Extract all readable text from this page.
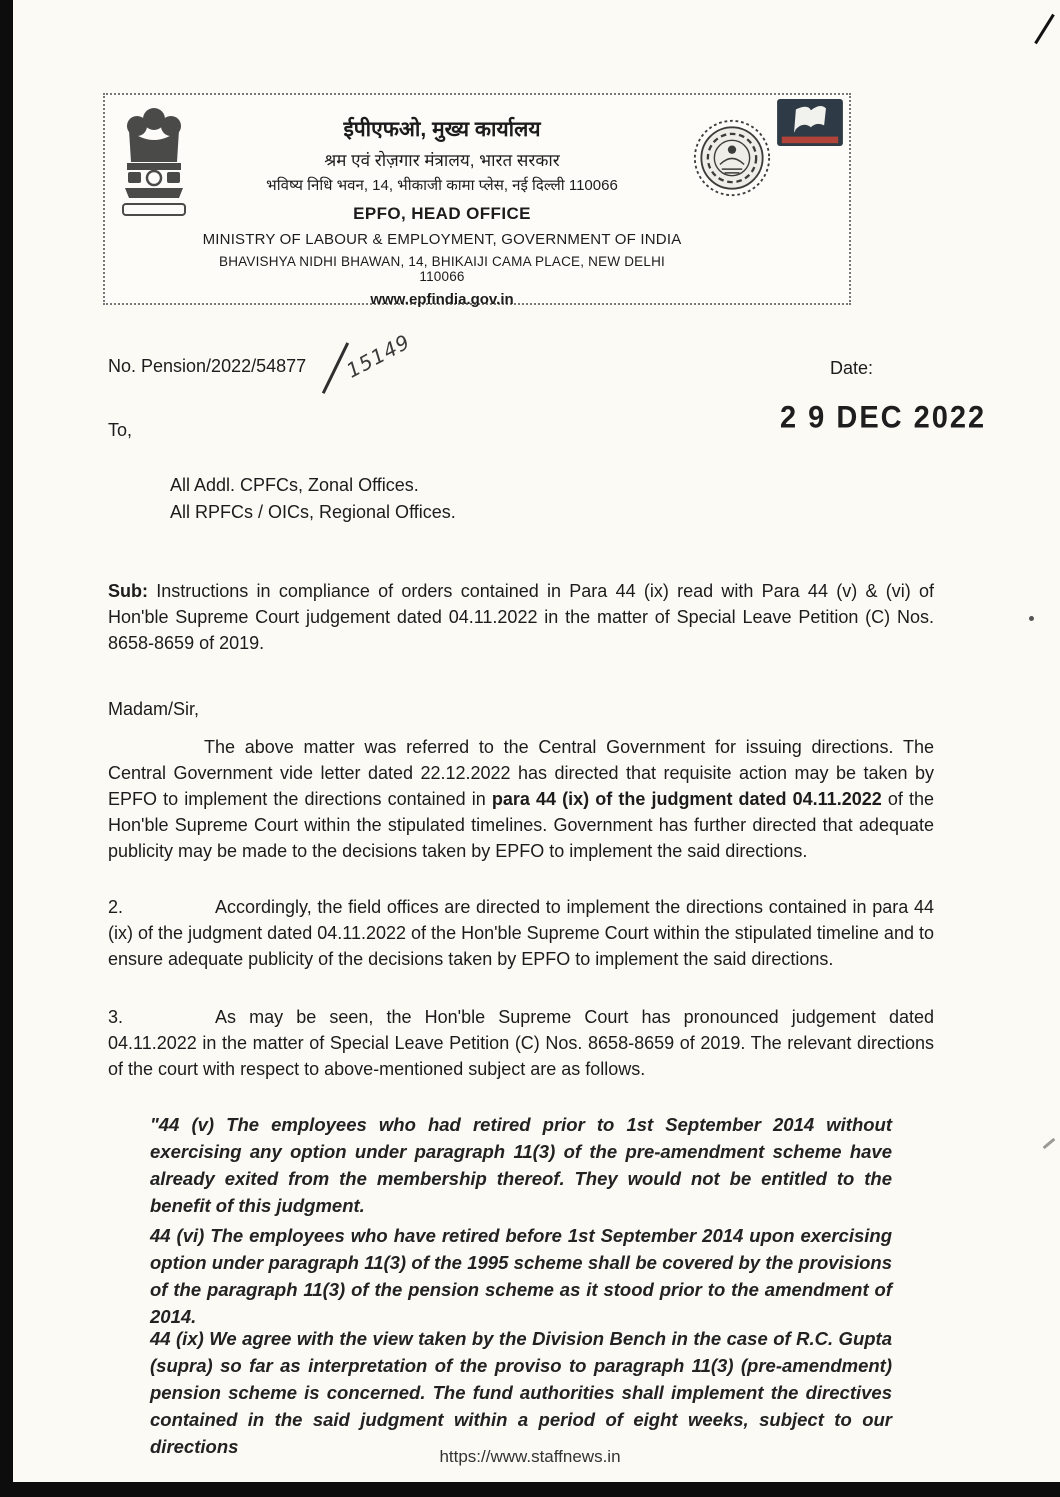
ईपीएफओ, मुख्य कार्यालय
श्रम एवं रोज़गार मंत्रालय, भारत सरकार
भविष्य निधि भवन, 14, भीकाजी कामा प्लेस, नई दिल्ली 110066
EPFO, HEAD OFFICE
MINISTRY OF LABOUR & EMPLOYMENT, GOVERNMENT OF INDIA
BHAVISHYA NIDHI BHAWAN, 14, BHIKAIJI CAMA PLACE, NEW DELHI 110066
www.epfindia.gov.in
No. Pension/2022/54877 15149	Date:
2 9 DEC 2022
To,
All Addl. CPFCs, Zonal Offices.
All RPFCs / OICs, Regional Offices.

Sub: Instructions in compliance of orders contained in Para 44 (ix) read with Para 44 (v) & (vi) of Hon'ble Supreme Court judgement dated 04.11.2022 in the matter of Special Leave Petition (C) Nos. 8658-8659 of 2019.

Madam/Sir,

The above matter was referred to the Central Government for issuing directions. The Central Government vide letter dated 22.12.2022 has directed that requisite action may be taken by EPFO to implement the directions contained in para 44 (ix) of the judgment dated 04.11.2022 of the Hon'ble Supreme Court within the stipulated timelines. Government has further directed that adequate publicity may be made to the decisions taken by EPFO to implement the said directions.

2.	Accordingly, the field offices are directed to implement the directions contained in para 44 (ix) of the judgment dated 04.11.2022 of the Hon'ble Supreme Court within the stipulated timeline and to ensure adequate publicity of the decisions taken by EPFO to implement the said directions.

3.	As may be seen, the Hon'ble Supreme Court has pronounced judgement dated 04.11.2022 in the matter of Special Leave Petition (C) Nos. 8658-8659 of 2019. The relevant directions of the court with respect to above-mentioned subject are as follows.

"44 (v) The employees who had retired prior to 1st September 2014 without exercising any option under paragraph 11(3) of the pre-amendment scheme have already exited from the membership thereof. They would not be entitled to the benefit of this judgment.

44 (vi) The employees who have retired before 1st September 2014 upon exercising option under paragraph 11(3) of the 1995 scheme shall be covered by the provisions of the paragraph 11(3) of the pension scheme as it stood prior to the amendment of 2014.

44 (ix) We agree with the view taken by the Division Bench in the case of R.C. Gupta (supra) so far as interpretation of the proviso to paragraph 11(3) (pre-amendment) pension scheme is concerned. The fund authorities shall implement the directives contained in the said judgment within a period of eight weeks, subject to our directions	https://www.staffnews.in
